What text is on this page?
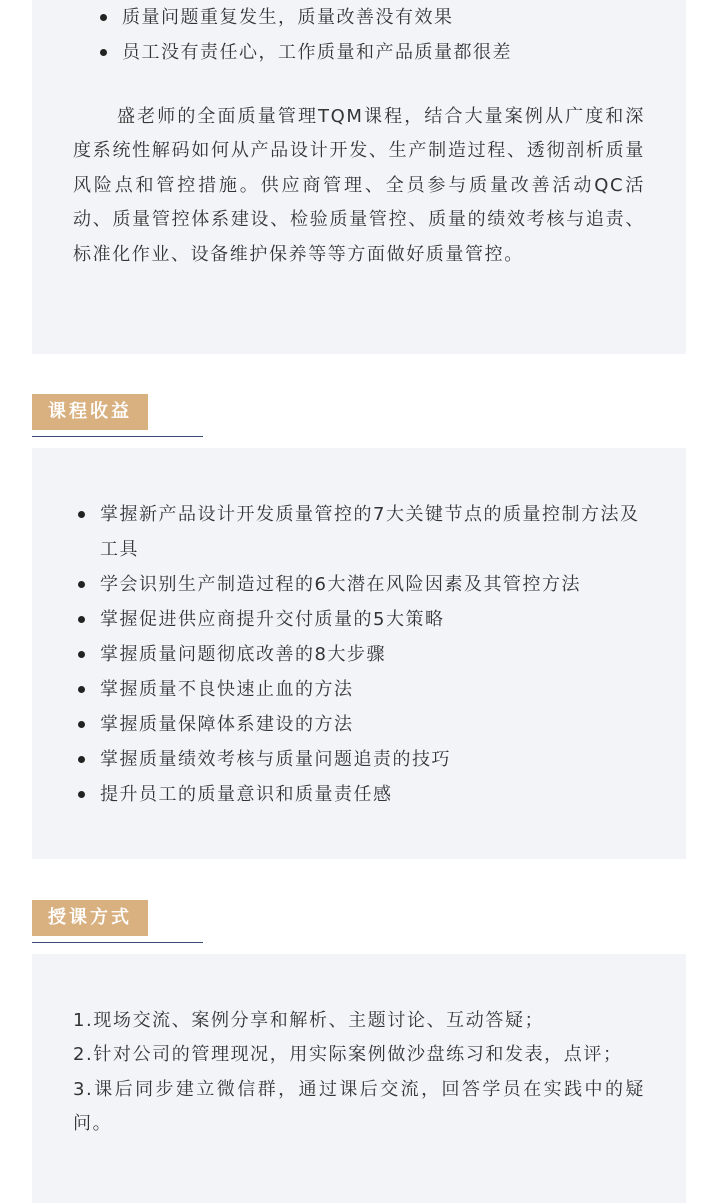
质量问题重复发生，质量改善没有效果
员工没有责任心，工作质量和产品质量都很差

盛老师的全面质量管理TQM课程，结合大量案例从广度和深度系统性解码如何从产品设计开发、生产制造过程、透彻剖析质量风险点和管控措施。供应商管理、全员参与质量改善活动QC活动、质量管控体系建设、检验质量管控、质量的绩效考核与追责、标准化作业、设备维护保养等等方面做好质量管控。

课程收益
掌握新产品设计开发质量管控的7大关键节点的质量控制方法及工具
学会识别生产制造过程的6大潜在风险因素及其管控方法
掌握促进供应商提升交付质量的5大策略
掌握质量问题彻底改善的8大步骤
掌握质量不良快速止血的方法
掌握质量保障体系建设的方法
掌握质量绩效考核与质量问题追责的技巧
提升员工的质量意识和质量责任感
授课方式

1.现场交流、案例分享和解析、主题讨论、互动答疑；

2.针对公司的管理现况，用实际案例做沙盘练习和发表，点评；

3.课后同步建立微信群，通过课后交流，回答学员在实践中的疑问。
